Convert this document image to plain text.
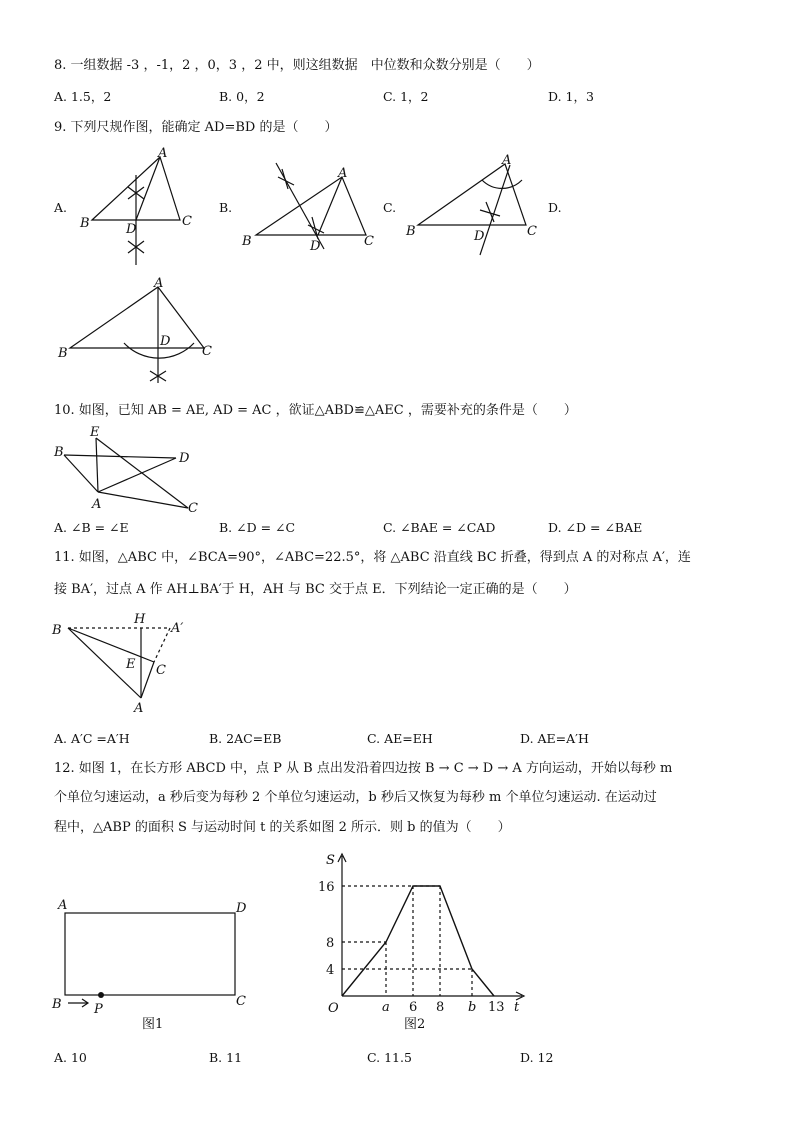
8. 一组数据 -3 ，-1，2 ，0，3 ，2 中，则这组数据　中位数和众数分别是（　　）
A. 1.5，2	B. 0，2	C. 1，2	D. 1，3
9. 下列尺规作图，能确定 AD=BD 的是（　　）
A.	B.	C.	D.
A
B	C
D
A
B	C
D
A
B	C
D
A
B	C
D
10. 如图，已知 AB = AE, AD = AC ，欲证△ABD≌△AEC ，需要补充的条件是（　　）
E
B	D
A	C
A. ∠B = ∠E	B. ∠D = ∠C	C. ∠BAE = ∠CAD	D. ∠D = ∠BAE
11. 如图，△ABC 中，∠BCA=90°，∠ABC=22.5°，将 △ABC 沿直线 BC 折叠，得到点 A 的对称点 A′，连
接 BA′，过点 A 作 AH⊥BA′于 H，AH 与 BC 交于点 E．下列结论一定正确的是（　　）
B
H
A′
E C
A
A. A′C =A′H	B. 2AC=EB	C. AE=EH	D. AE=A′H
12. 如图 1，在长方形 ABCD 中，点 P 从 B 点出发沿着四边按 B → C → D → A 方向运动，开始以每秒 m
个单位匀速运动，a 秒后变为每秒 2 个单位匀速运动，b 秒后又恢复为每秒 m 个单位匀速运动. 在运动过
程中，△ABP 的面积 S 与运动时间 t 的关系如图 2 所示．则 b 的值为（　　）
A	D
B	C
P
图1
S
t
O
16
8
4
a 6 8 b 13
图2
A. 10	B. 11	C. 11.5	D. 12
